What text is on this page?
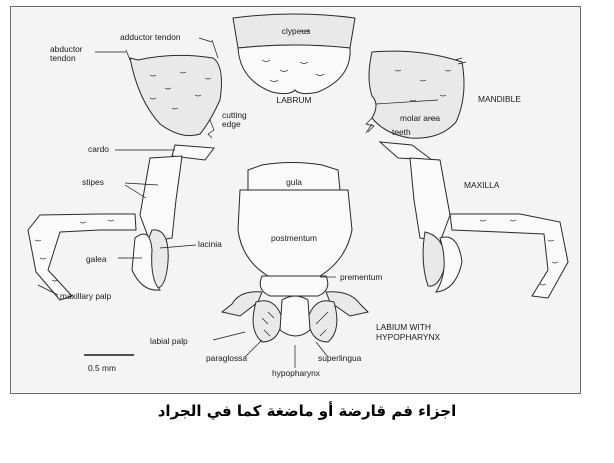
adductor tendon
abductor
tendon
clypeus
LABRUM	MANDIBLE
molar area
teeth
cutting
edge
cardo
stipes	MAXILLA
gula
postmentum
lacinia
galea
prementum
maxillary palp
LABIUM WITH
HYPOPHARYNX
labial palp
paraglossa	superlingua
hypopharynx
0.5 mm
اجزاء فم قارضة أو ماضغة كما في الجراد
